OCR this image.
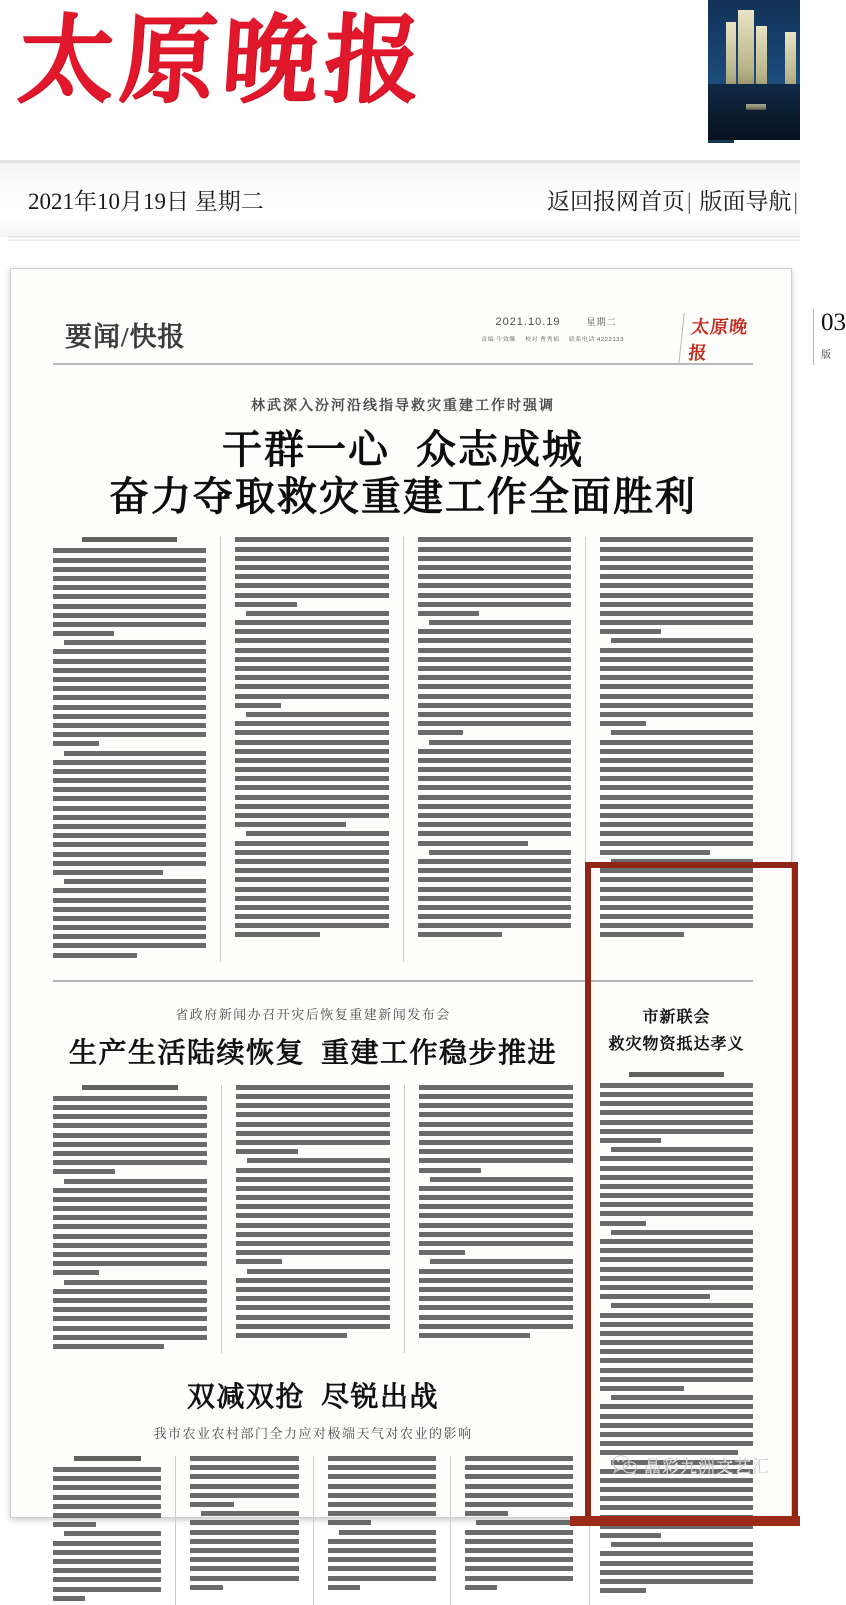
太原晚报
2021年10月19日 星期二	返回报网首页| 版面导航|
要闻/快报	2021.10.19	星期二
责编 牛效馨 校对 曹秀祯 联系电话 4222133
太原晚报
03版
林武深入汾河沿线指导救灾重建工作时强调
干群一心 众志成城
奋力夺取救灾重建工作全面胜利
省政府新闻办召开灾后恢复重建新闻发布会
生产生活陆续恢复 重建工作稳步推进
双减双抢 尽锐出战
我市农业农村部门全力应对极端天气对农业的影响
市新联会
救灾物资抵达孝义
晶彩九洲文艺汇
